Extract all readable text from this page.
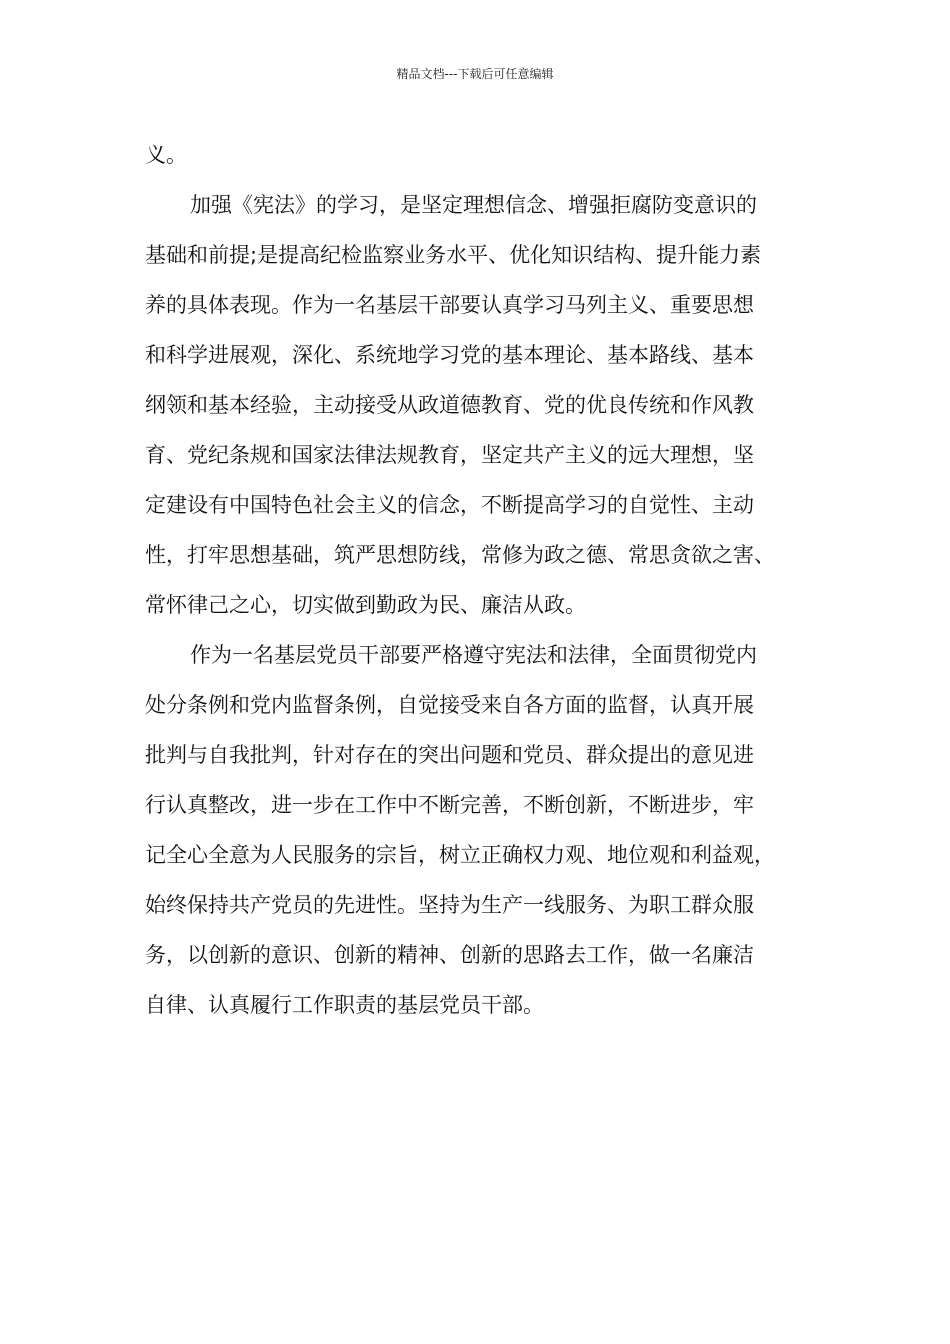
精品文档---下载后可任意编辑
义。
加强《宪法》的学习，是坚定理想信念、增强拒腐防变意识的
基础和前提;是提高纪检监察业务水平、优化知识结构、提升能力素
养的具体表现。作为一名基层干部要认真学习马列主义、重要思想
和科学进展观，深化、系统地学习党的基本理论、基本路线、基本
纲领和基本经验，主动接受从政道德教育、党的优良传统和作风教
育、党纪条规和国家法律法规教育，坚定共产主义的远大理想，坚
定建设有中国特色社会主义的信念，不断提高学习的自觉性、主动
性，打牢思想基础，筑严思想防线，常修为政之德、常思贪欲之害、
常怀律己之心，切实做到勤政为民、廉洁从政。
作为一名基层党员干部要严格遵守宪法和法律，全面贯彻党内
处分条例和党内监督条例，自觉接受来自各方面的监督，认真开展
批判与自我批判，针对存在的突出问题和党员、群众提出的意见进
行认真整改，进一步在工作中不断完善，不断创新，不断进步，牢
记全心全意为人民服务的宗旨，树立正确权力观、地位观和利益观，
始终保持共产党员的先进性。坚持为生产一线服务、为职工群众服
务，以创新的意识、创新的精神、创新的思路去工作，做一名廉洁
自律、认真履行工作职责的基层党员干部。
